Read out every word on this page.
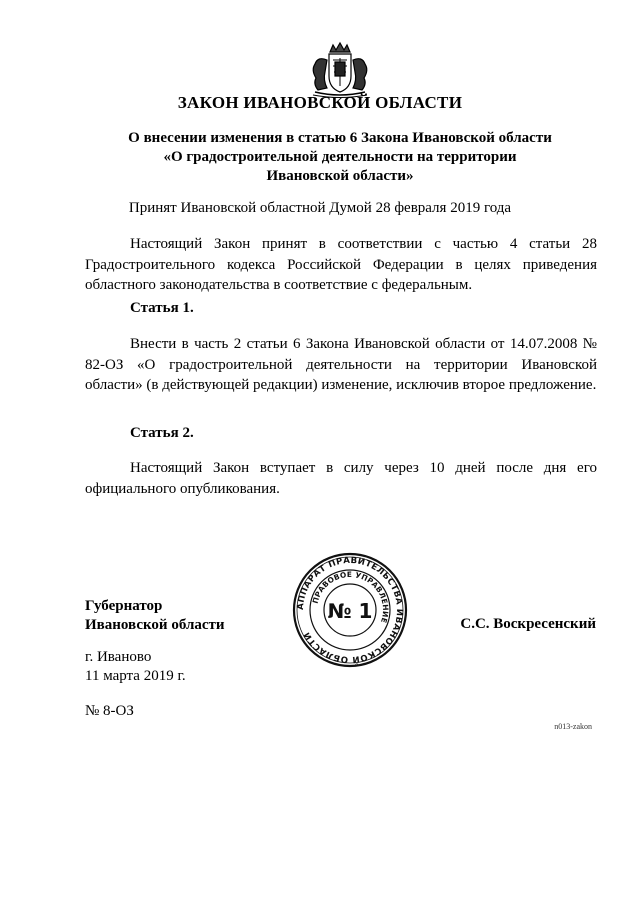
ЗАКОН ИВАНОВСКОЙ ОБЛАСТИ
О внесении изменения в статью 6 Закона Ивановской области
«О градостроительной деятельности на территории
Ивановской области»
Принят Ивановской областной Думой 28 февраля 2019 года
Настоящий Закон принят в соответствии с частью 4 статьи 28 Градостроительного кодекса Российской Федерации в целях приведения областного законодательства в соответствие с федеральным.
Статья 1.
Внести в часть 2 статьи 6 Закона Ивановской области от 14.07.2008 № 82-ОЗ «О градостроительной деятельности на территории Ивановской области» (в действующей редакции) изменение, исключив второе предложение.
Статья 2.
Настоящий Закон вступает в силу через 10 дней после дня его официального опубликования.
АППАРАТ ПРАВИТЕЛЬСТВА ИВАНОВСКОЙ ОБЛАСТИ
ПРАВОВОЕ УПРАВЛЕНИЕ
№ 1
Губернатор
Ивановской области	С.С. Воскресенский
г. Иваново
11 марта 2019 г.
№ 8-ОЗ
n013-zakon
